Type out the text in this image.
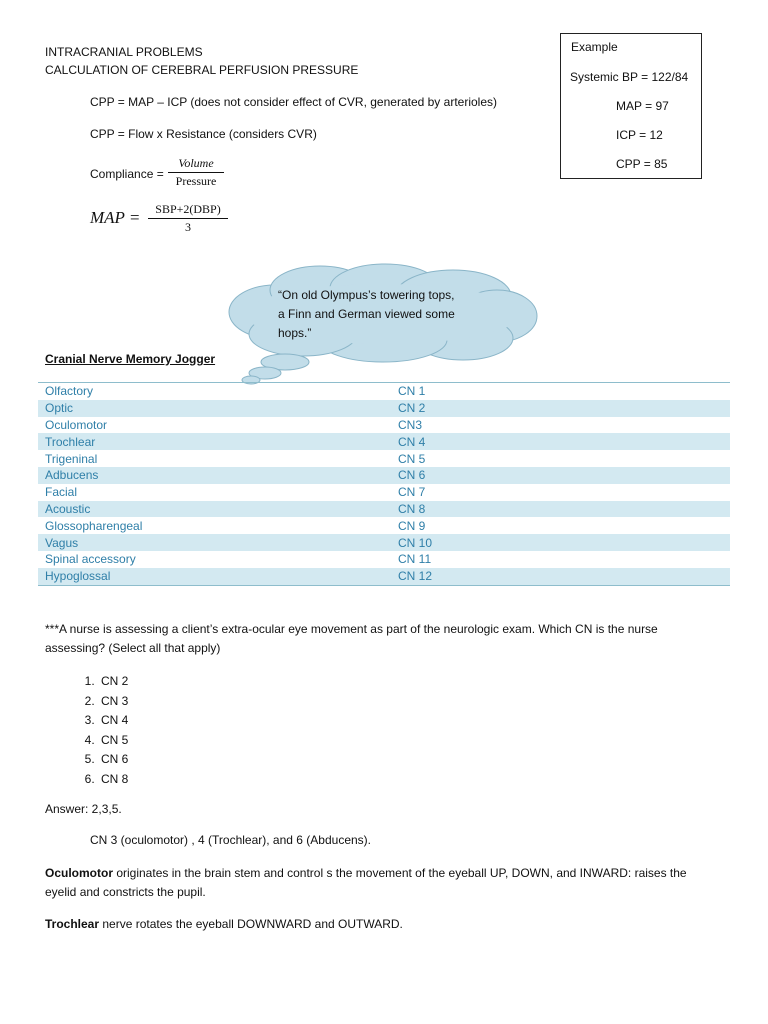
INTRACRANIAL PROBLEMS
CALCULATION OF CEREBRAL PERFUSION PRESSURE
CPP = MAP – ICP (does not consider effect of CVR, generated by arterioles)
CPP = Flow x Resistance (considers CVR)
Compliance =
Volume
Pressure
MAP =	SBP+2(DBP)
3
Example
Systemic BP = 122/84
MAP = 97
ICP = 12
CPP = 85
“On old Olympus’s towering tops,
a Finn and German viewed some
hops.”
Cranial Nerve Memory Jogger
Olfactory	CN 1
Optic	CN 2
Oculomotor	CN3
Trochlear	CN 4
Trigeninal	CN 5
Adbucens	CN 6
Facial	CN 7
Acoustic	CN 8
Glossopharengeal	CN 9
Vagus	CN 10
Spinal accessory	CN 11
Hypoglossal	CN 12
***A nurse is assessing a client’s extra-ocular eye movement as part of the neurologic exam. Which CN is the nurse
assessing? (Select all that apply)
1. CN 2
2. CN 3
3. CN 4
4. CN 5
5. CN 6
6. CN 8
Answer: 2,3,5.
CN 3 (oculomotor) , 4 (Trochlear), and 6 (Abducens).
Oculomotor originates in the brain stem and control s the movement of the eyeball UP, DOWN, and INWARD: raises the
eyelid and constricts the pupil.
Trochlear nerve rotates the eyeball DOWNWARD and OUTWARD.
